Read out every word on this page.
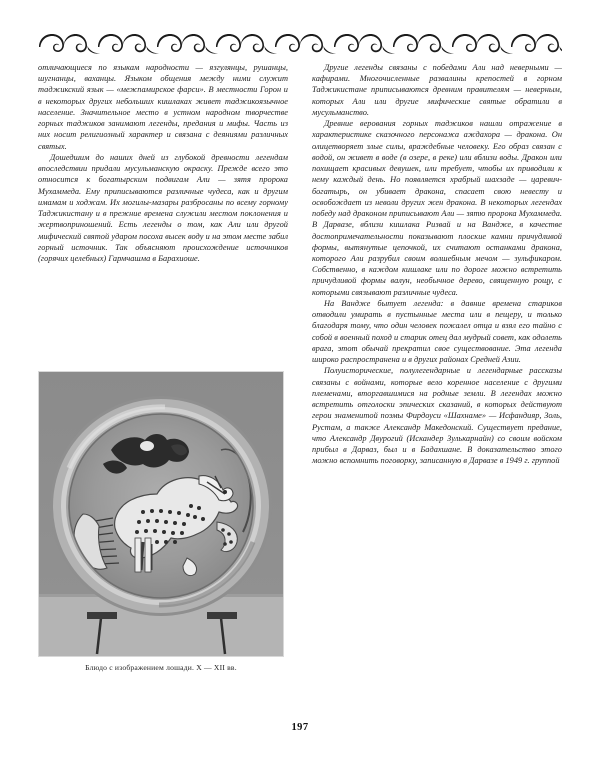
отличающиеся по языкам народности — язгулянцы, рушанцы, шугнанцы, ваханцы. Языком общения между ними служит таджикский язык — «межпамирское фарси». В местности Горон и в некоторых других небольших кишлаках живет таджикоязычное население. Значительное место в устном народном творчестве горных таджиков занимают легенды, предания и мифы. Часть из них носит религиозный характер и связана с деяниями различных святых.

Дошедшим до наших дней из глубокой древности легендам впоследствии придали мусульманскую окраску. Прежде всего это относится к богатырским подвигам Али — зятя пророка Мухаммеда. Ему приписываются различные чудеса, как и другим имамам и ходжам. Их могилы-мазары разбросаны по всему горному Таджикистану и в прежние времена служили местом поклонения и жертвоприношений. Есть легенды о том, как Али или другой мифический святой ударом посоха высек воду и на этом месте забил горный источник. Так объясняют происхождение источников (горячих целебных) Гармчашма в Барахиоше.

Другие легенды связаны с победами Али над неверными — кафирами. Многочисленные развалины крепостей в горном Таджикистане приписываются древним правителям — неверным, которых Али или другие мифические святые обратили в мусульманство.

Древние верования горных таджиков нашли отражение в характеристике сказочного персонажа аждахора — дракона. Он олицетворяет злые силы, враждебные человеку. Его образ связан с водой, он живет в воде (в озере, в реке) или вблизи воды. Дракон или похищает красивых девушек, или требует, чтобы их приводили к нему каждый день. Но появляется храбрый шахзаде — царевич-богатырь, он убивает дракона, спасает свою невесту и освобождает из неволи других жен дракона. В некоторых легендах победу над драконом приписывают Али — зятю пророка Мухаммеда. В Дарвазе, вблизи кишлака Ризвай и на Вандже, в качестве достопримечательности показывают плоские камни причудливой формы, вытянутые цепочкой, их считают останками дракона, которого Али разрубил своим волшебным мечом — зульфикаром. Собственно, в каждом кишлаке или по дороге можно встретить причудливой формы валун, необычное дерево, священную рощу, с которыми связывают различные чудеса.

На Вандже бытует легенда: в давние времена стариков отводили умирать в пустынные места или в пещеру, и только благодаря тому, что один человек пожалел отца и взял его тайно с собой в военный поход и старик отец дал мудрый совет, как одолеть врага, этот обычай прекратил свое существование. Эта легенда широко распространена и в других районах Средней Азии.

Полуисторические, полулегендарные и легендарные рассказы связаны с войнами, которые вело коренное население с другими племенами, вторгавшимися на родные земли. В легендах можно встретить отголоски эпических сказаний, в которых действуют герои знаменитой поэмы Фирдоуси «Шахнаме» — Исфандияр, Золь, Рустам, а также Александр Македонский. Существует предание, что Александр Двурогий (Искандер Зулькарнайн) со своим войском прибыл в Дарваз, был и в Бадахшане. В доказательство этого можно вспомнить поговорку, записанную в Дарвазе в 1949 г. группой

Блюдо с изображением лошади. X — XII вв.
197
